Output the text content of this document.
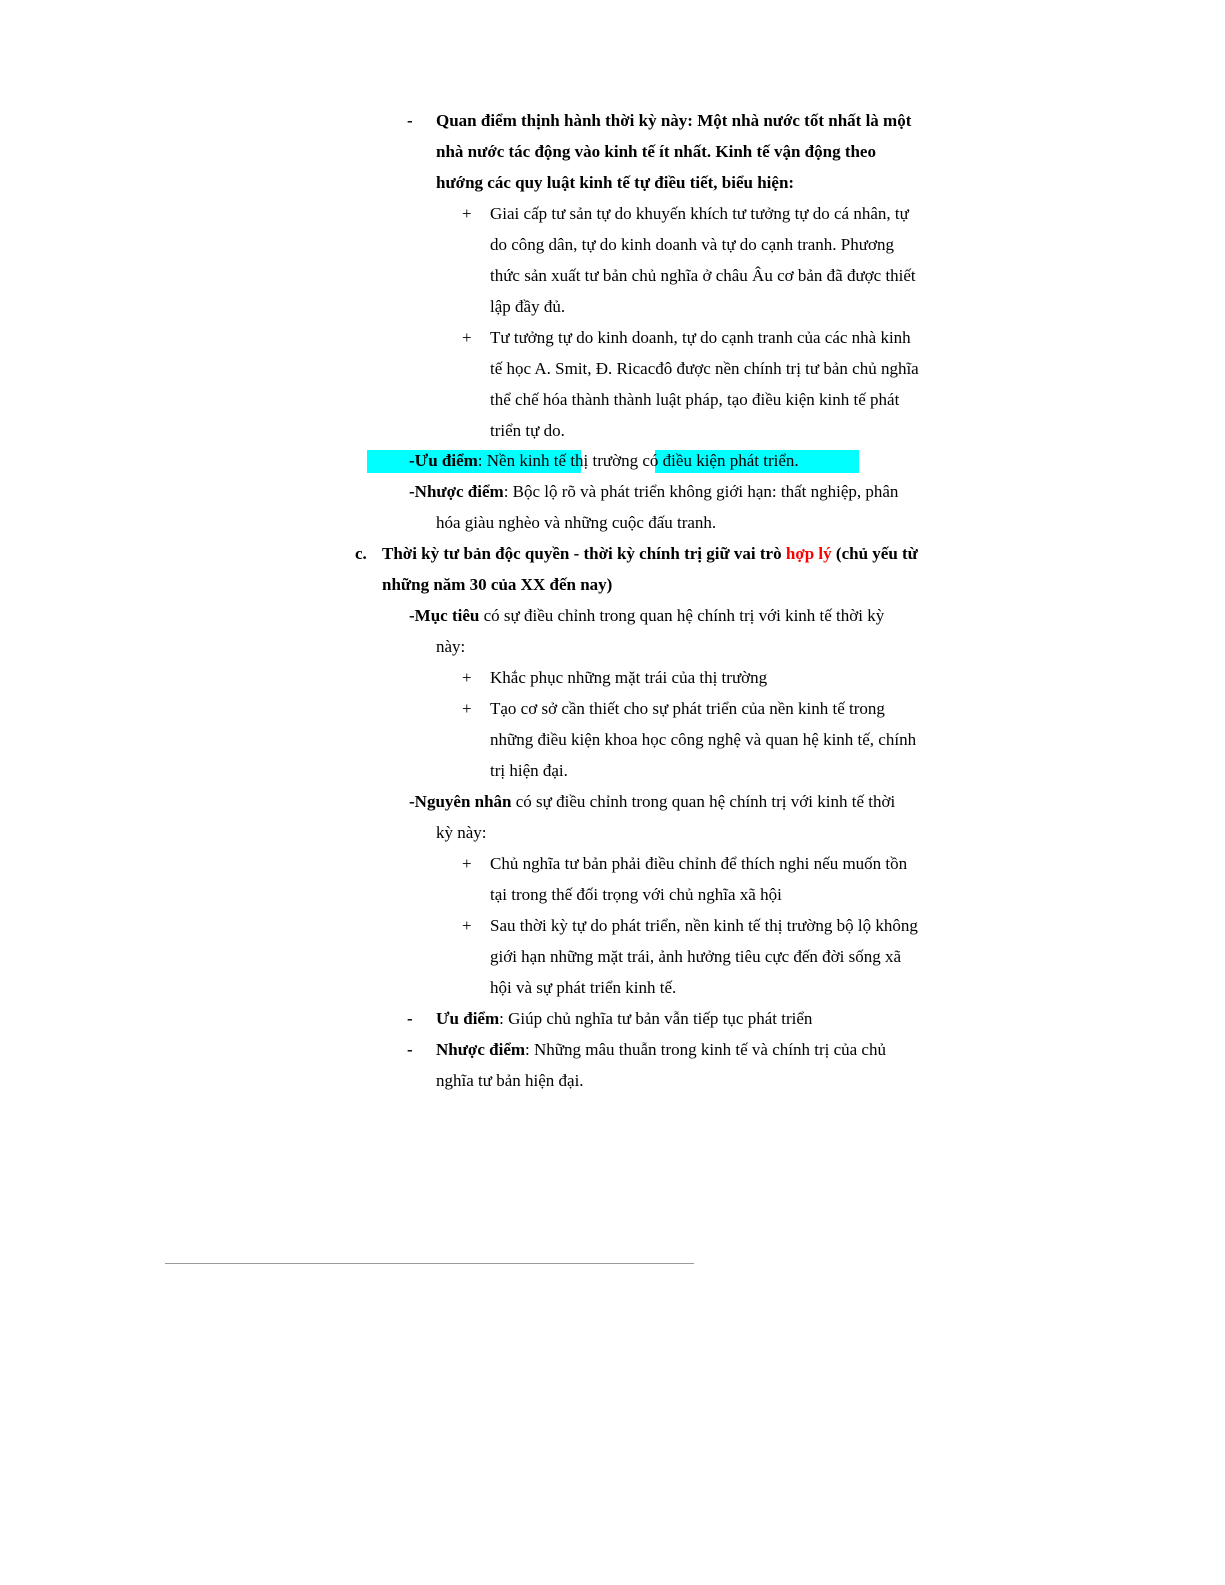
- Quan điểm thịnh hành thời kỳ này: Một nhà nước tốt nhất là một
nhà nước tác động vào kinh tế ít nhất. Kinh tế vận động theo
hướng các quy luật kinh tế tự điều tiết, biểu hiện:
+ Giai cấp tư sản tự do khuyến khích tư tưởng tự do cá nhân, tự
do công dân, tự do kinh doanh và tự do cạnh tranh. Phương
thức sản xuất tư bản chủ nghĩa ở châu Âu cơ bản đã được thiết
lập đầy đủ.
+ Tư tưởng tự do kinh doanh, tự do cạnh tranh của các nhà kinh
tế học A. Smit, Đ. Ricacđô được nền chính trị tư bản chủ nghĩa
thể chế hóa thành thành luật pháp, tạo điều kiện kinh tế phát
triển tự do.
-Ưu điểm: Nền kinh tế thị trường có điều kiện phát triển.
-Nhược điểm: Bộc lộ rõ và phát triển không giới hạn: thất nghiệp, phân
hóa giàu nghèo và những cuộc đấu tranh.
c. Thời kỳ tư bản độc quyền - thời kỳ chính trị giữ vai trò hợp lý (chủ yếu từ
những năm 30 của XX đến nay)
-Mục tiêu có sự điều chỉnh trong quan hệ chính trị với kinh tế thời kỳ
này:
+ Khắc phục những mặt trái của thị trường
+ Tạo cơ sở cần thiết cho sự phát triển của nền kinh tế trong
những điều kiện khoa học công nghệ và quan hệ kinh tế, chính
trị hiện đại.
-Nguyên nhân có sự điều chỉnh trong quan hệ chính trị với kinh tế thời
kỳ này:
+ Chủ nghĩa tư bản phải điều chỉnh để thích nghi nếu muốn tồn
tại trong thế đối trọng với chủ nghĩa xã hội
+ Sau thời kỳ tự do phát triển, nền kinh tế thị trường bộ lộ không
giới hạn những mặt trái, ảnh hưởng tiêu cực đến đời sống xã
hội và sự phát triển kinh tế.
- Ưu điểm: Giúp chủ nghĩa tư bản vẫn tiếp tục phát triển
- Nhược điểm: Những mâu thuẫn trong kinh tế và chính trị của chủ
nghĩa tư bản hiện đại.
